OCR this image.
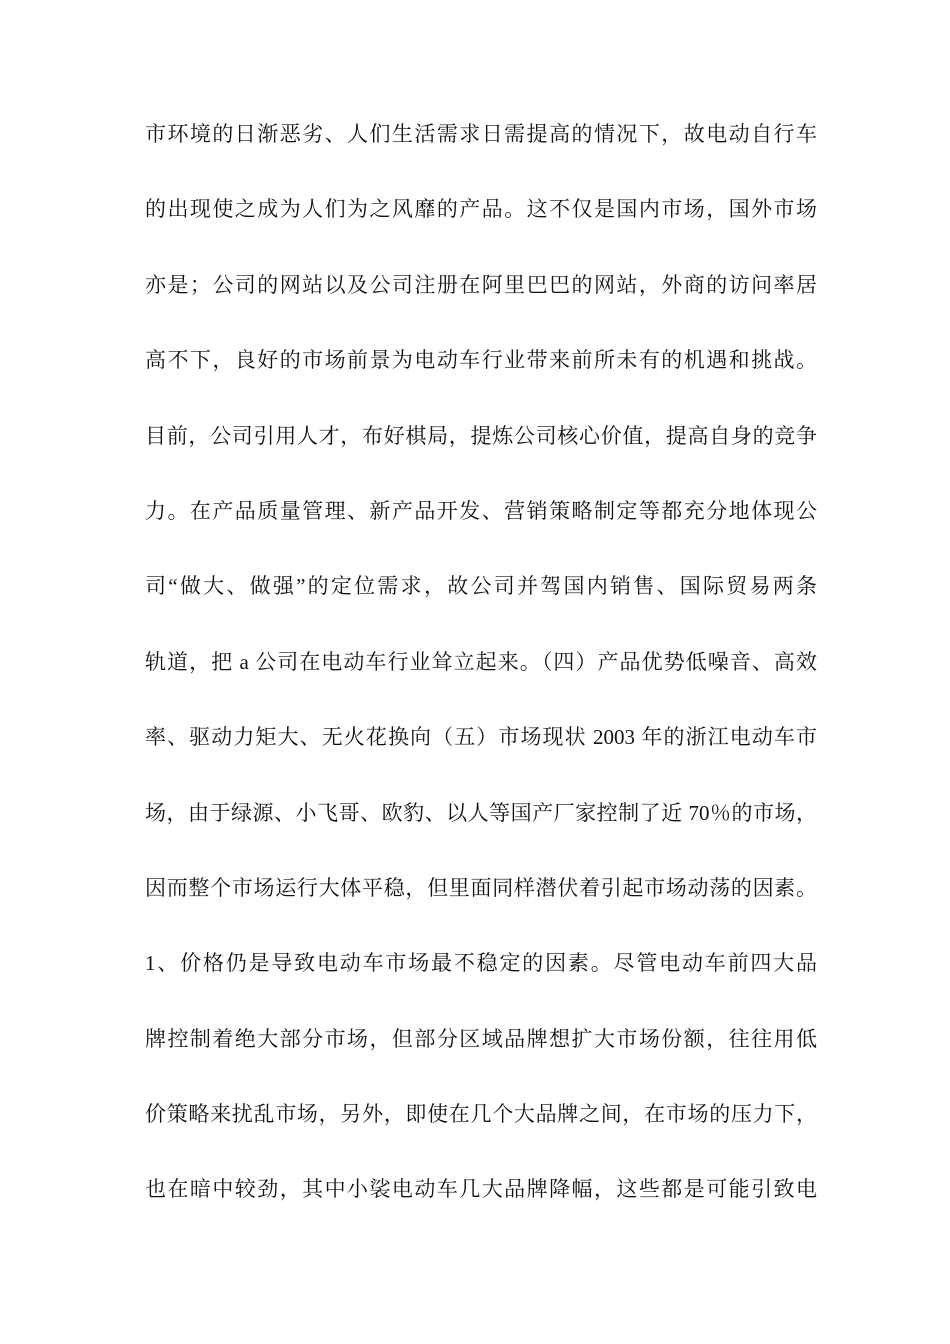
市环境的日渐恶劣、人们生活需求日需提高的情况下，故电动自行车
的出现使之成为人们为之风靡的产品。这不仅是国内市场，国外市场
亦是；公司的网站以及公司注册在阿里巴巴的网站，外商的访问率居
高不下，良好的市场前景为电动车行业带来前所未有的机遇和挑战。
目前，公司引用人才，布好棋局，提炼公司核心价值，提高自身的竞争
力。在产品质量管理、新产品开发、营销策略制定等都充分地体现公
司“做大、做强”的定位需求，故公司并驾国内销售、国际贸易两条
轨道，把 a 公司在电动车行业耸立起来。（四）产品优势低噪音、高效
率、驱动力矩大、无火花换向（五）市场现状 2003 年的浙江电动车市
场，由于绿源、小飞哥、欧豹、以人等国产厂家控制了近 70％的市场，
因而整个市场运行大体平稳，但里面同样潜伏着引起市场动荡的因素。
1、价格仍是导致电动车市场最不稳定的因素。尽管电动车前四大品
牌控制着绝大部分市场，但部分区域品牌想扩大市场份额，往往用低
价策略来扰乱市场，另外，即使在几个大品牌之间，在市场的压力下，
也在暗中较劲，其中小裟电动车几大品牌降幅，这些都是可能引致电
